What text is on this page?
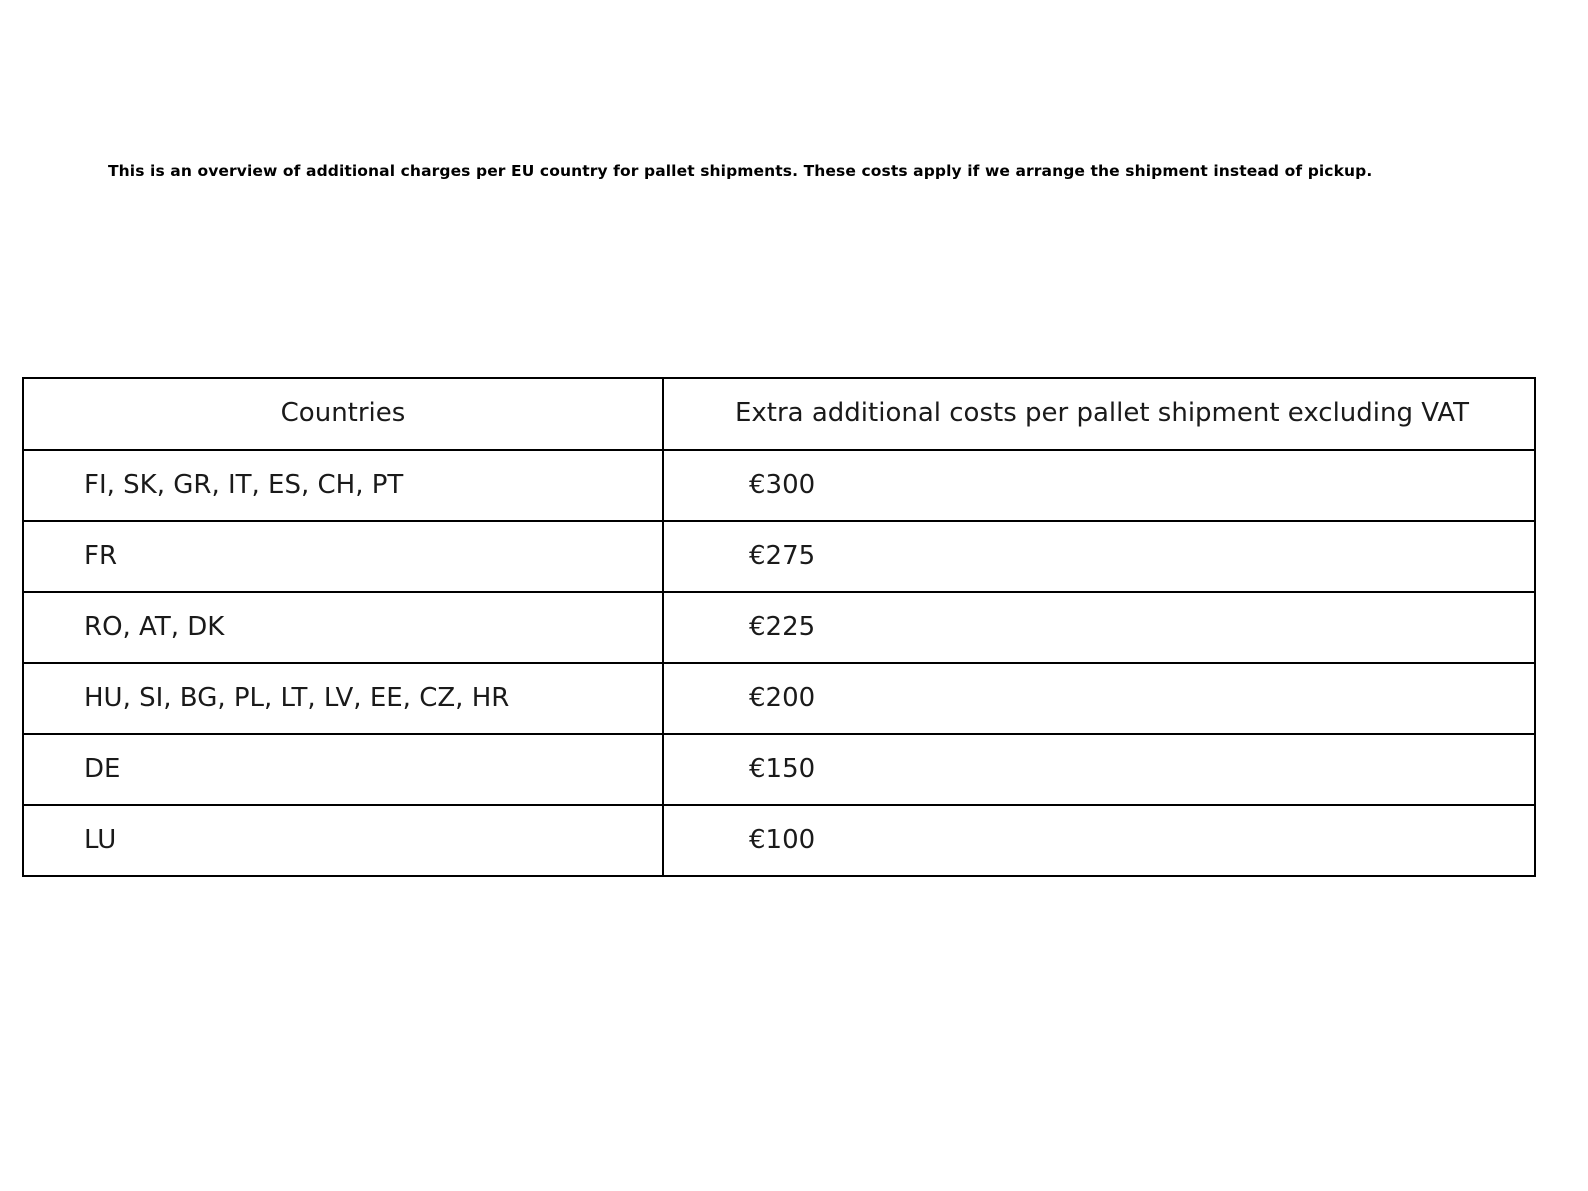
This is an overview of additional charges per EU country for pallet shipments. These costs apply if we arrange the shipment instead of pickup.
Countries	Extra additional costs per pallet shipment excluding VAT

FI, SK, GR, IT, ES, CH, PT	€300

FR	€275

RO, AT, DK	€225

HU, SI, BG, PL, LT, LV, EE, CZ, HR	€200

DE	€150

LU	€100
